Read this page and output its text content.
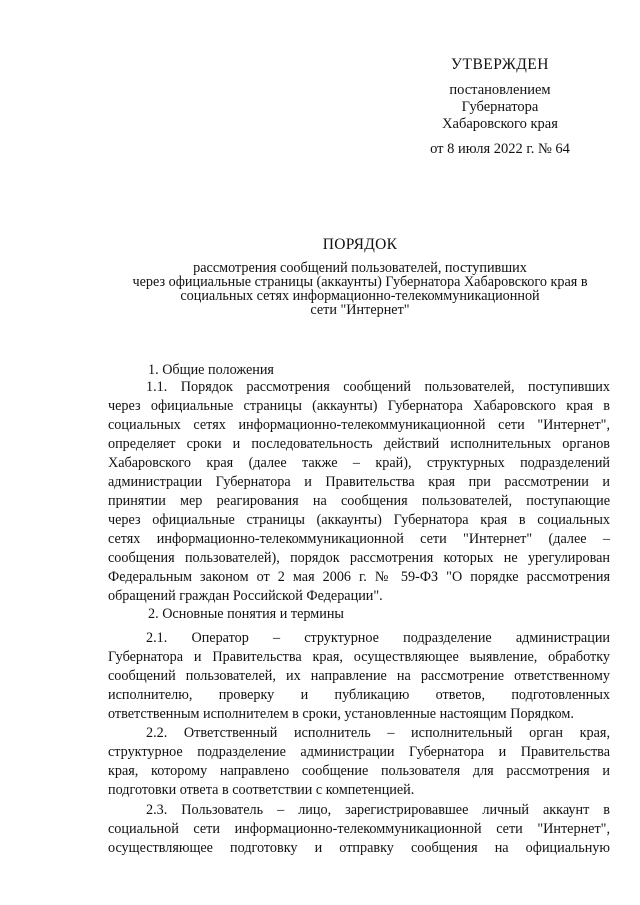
УТВЕРЖДЕН
постановлением
Губернатора
Хабаровского края
от 8 июля 2022 г. № 64
ПОРЯДОК
рассмотрения сообщений пользователей, поступивших
через официальные страницы (аккаунты) Губернатора Хабаровского края в
социальных сетях информационно-телекоммуникационной
сети "Интернет"
1. Общие положения
1.1. Порядок рассмотрения сообщений пользователей, поступивших
через официальные страницы (аккаунты) Губернатора Хабаровского края в
социальных сетях информационно-телекоммуникационной сети "Интернет",
определяет сроки и последовательность действий исполнительных органов
Хабаровского края (далее также – край), структурных подразделений
администрации Губернатора и Правительства края при рассмотрении и
принятии мер реагирования на сообщения пользователей, поступающие
через официальные страницы (аккаунты) Губернатора края в социальных
сетях информационно-телекоммуникационной сети "Интернет" (далее –
сообщения пользователей), порядок рассмотрения которых не урегулирован
Федеральным законом от 2 мая 2006 г. № 59-ФЗ "О порядке рассмотрения
обращений граждан Российской Федерации".
2. Основные понятия и термины
2.1. Оператор – структурное подразделение администрации
Губернатора и Правительства края, осуществляющее выявление, обработку
сообщений пользователей, их направление на рассмотрение ответственному
исполнителю, проверку и публикацию ответов, подготовленных
ответственным исполнителем в сроки, установленные настоящим Порядком.
2.2. Ответственный исполнитель – исполнительный орган края,
структурное подразделение администрации Губернатора и Правительства
края, которому направлено сообщение пользователя для рассмотрения и
подготовки ответа в соответствии с компетенцией.
2.3. Пользователь – лицо, зарегистрировавшее личный аккаунт в
социальной сети информационно-телекоммуникационной сети "Интернет",
осуществляющее подготовку и отправку сообщения на официальную
